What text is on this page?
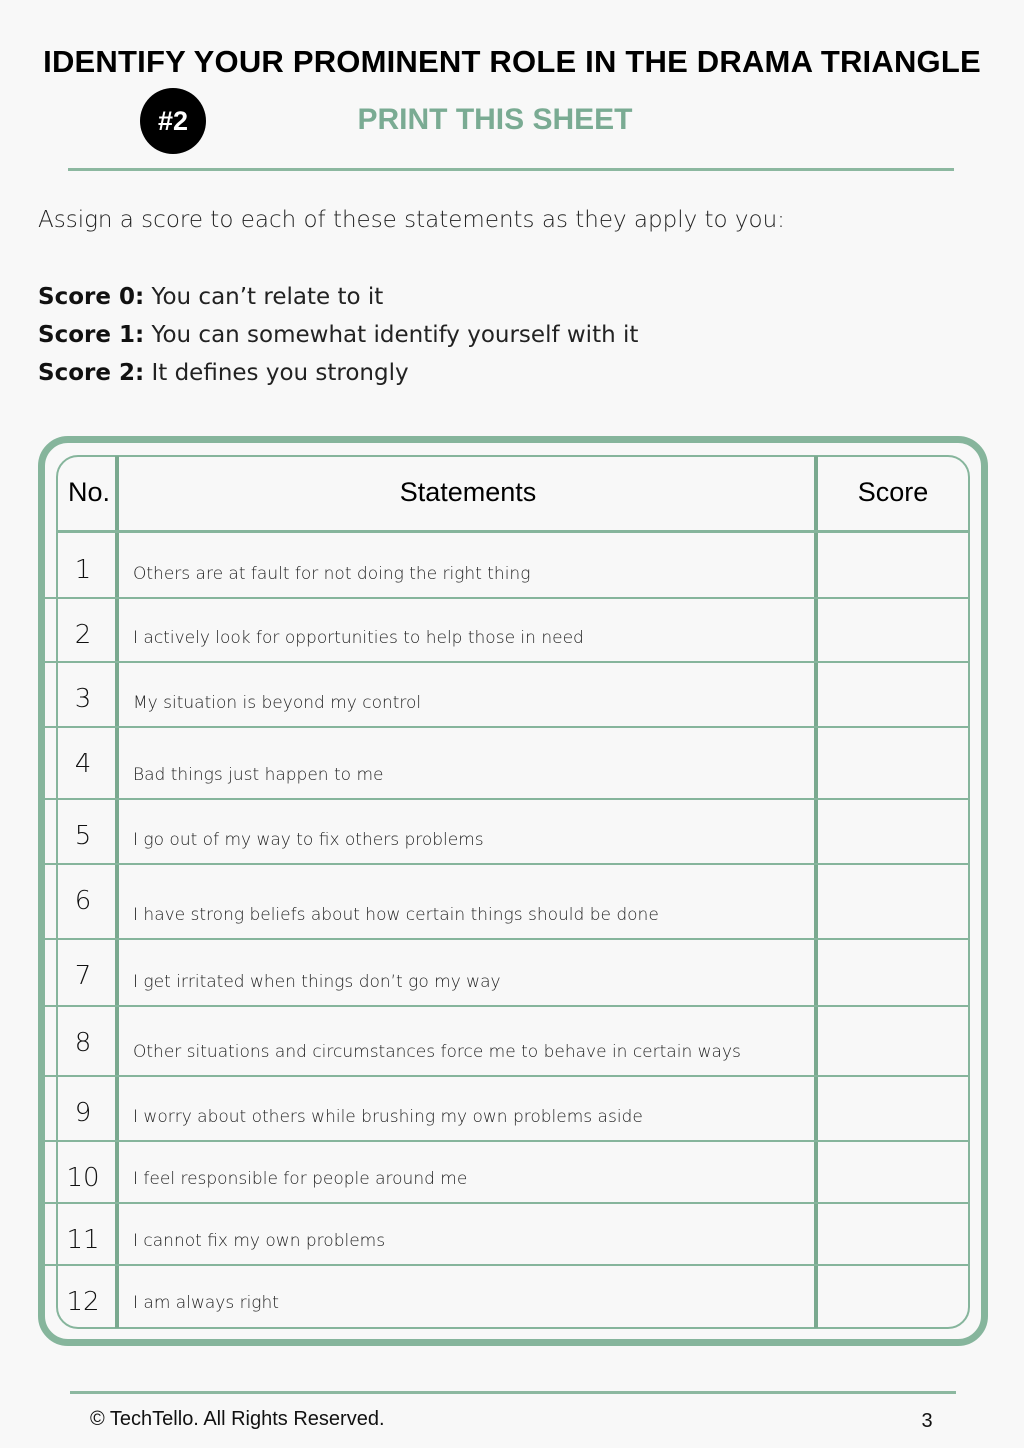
IDENTIFY YOUR PROMINENT ROLE IN THE DRAMA TRIANGLE
#2	PRINT THIS SHEET
Assign a score to each of these statements as they apply to you:
Score 0: You can’t relate to it
Score 1: You can somewhat identify yourself with it
Score 2: It defines you strongly
No.	Statements	Score
1	Others are at fault for not doing the right thing
2	I actively look for opportunities to help those in need
3	My situation is beyond my control
4	Bad things just happen to me
5	I go out of my way to fix others problems
6	I have strong beliefs about how certain things should be done
7	I get irritated when things don’t go my way
8	Other situations and circumstances force me to behave in certain ways
9	I worry about others while brushing my own problems aside
10	I feel responsible for people around me
11	I cannot fix my own problems
12	I am always right
© TechTello. All Rights Reserved.	3
